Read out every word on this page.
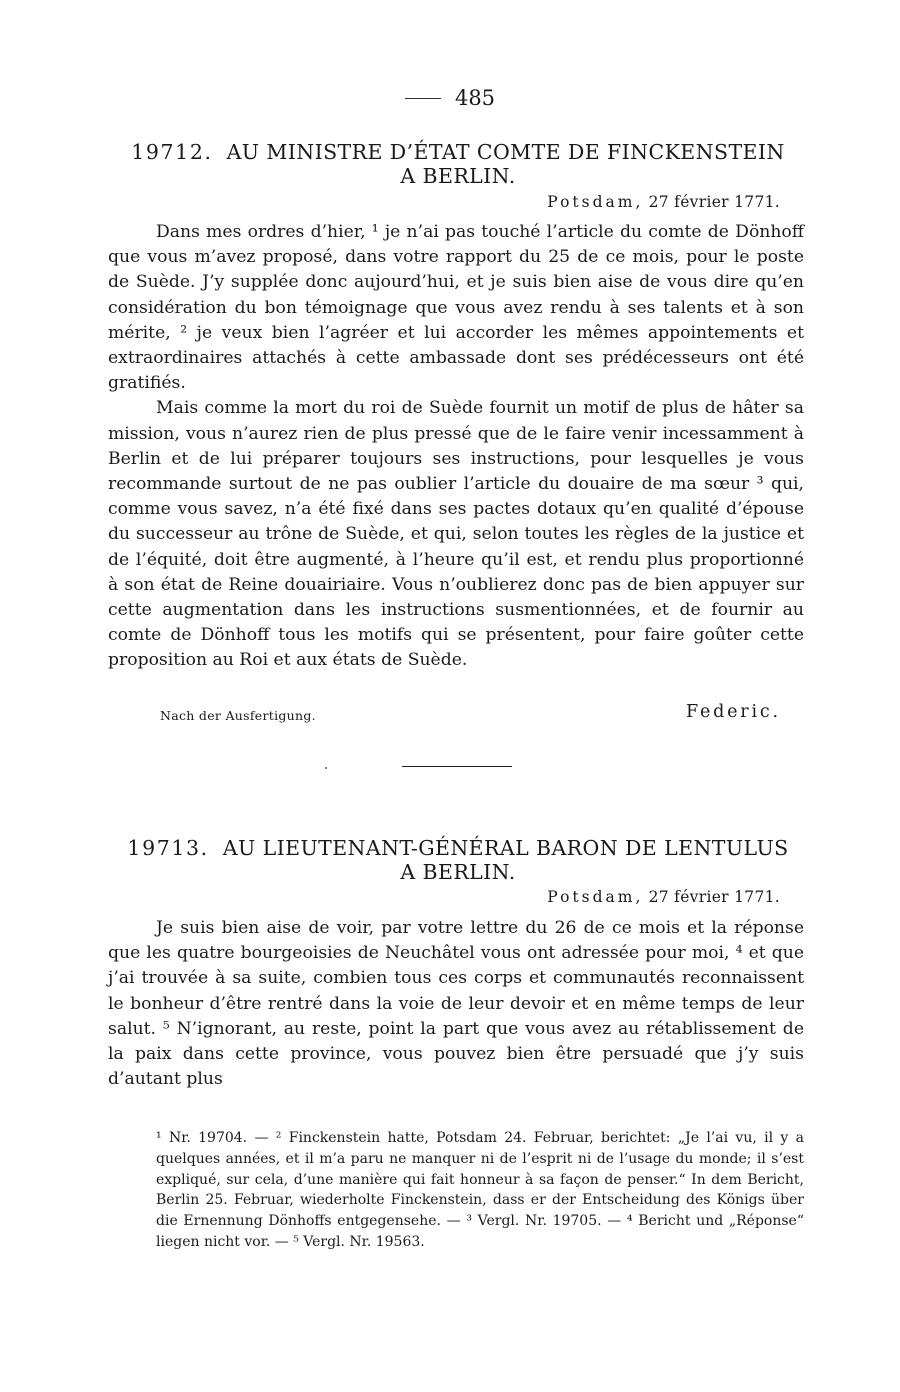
485
19712. AU MINISTRE D’ÉTAT COMTE DE FINCKENSTEIN
A BERLIN.
Potsdam, 27 février 1771.

Dans mes ordres d’hier, ¹ je n’ai pas touché l’article du comte de Dönhoff que vous m’avez proposé, dans votre rapport du 25 de ce mois, pour le poste de Suède. J’y supplée donc aujourd’hui, et je suis bien aise de vous dire qu’en considération du bon témoignage que vous avez rendu à ses talents et à son mérite, ² je veux bien l’agréer et lui accorder les mêmes appointements et extraordinaires attachés à cette ambassade dont ses prédécesseurs ont été gratifiés.

Mais comme la mort du roi de Suède fournit un motif de plus de hâter sa mission, vous n’aurez rien de plus pressé que de le faire venir incessamment à Berlin et de lui préparer toujours ses instructions, pour lesquelles je vous recommande surtout de ne pas oublier l’article du douaire de ma sœur ³ qui, comme vous savez, n’a été fixé dans ses pactes dotaux qu’en qualité d’épouse du successeur au trône de Suède, et qui, selon toutes les règles de la justice et de l’équité, doit être augmenté, à l’heure qu’il est, et rendu plus proportionné à son état de Reine douairiaire. Vous n’oublierez donc pas de bien appuyer sur cette augmentation dans les instructions susmentionnées, et de fournir au comte de Dönhoff tous les motifs qui se présentent, pour faire goûter cette proposition au Roi et aux états de Suède.

Nach der Ausfertigung.	Federic.
19713. AU LIEUTENANT-GÉNÉRAL BARON DE LENTULUS
A BERLIN.
Potsdam, 27 février 1771.

Je suis bien aise de voir, par votre lettre du 26 de ce mois et la réponse que les quatre bourgeoisies de Neuchâtel vous ont adressée pour moi, ⁴ et que j’ai trouvée à sa suite, combien tous ces corps et communautés reconnaissent le bonheur d’être rentré dans la voie de leur devoir et en même temps de leur salut. ⁵ N’ignorant, au reste, point la part que vous avez au rétablissement de la paix dans cette province, vous pouvez bien être persuadé que j’y suis d’autant plus

¹ Nr. 19704. — ² Finckenstein hatte, Potsdam 24. Februar, berichtet: „Je l’ai vu, il y a quelques années, et il m’a paru ne manquer ni de l’esprit ni de l’usage du monde; il s’est expliqué, sur cela, d’une manière qui fait honneur à sa façon de penser.“ In dem Bericht, Berlin 25. Februar, wiederholte Finckenstein, dass er der Entscheidung des Königs über die Ernennung Dönhoffs entgegensehe. — ³ Vergl. Nr. 19705. — ⁴ Bericht und „Réponse“ liegen nicht vor. — ⁵ Vergl. Nr. 19563.
